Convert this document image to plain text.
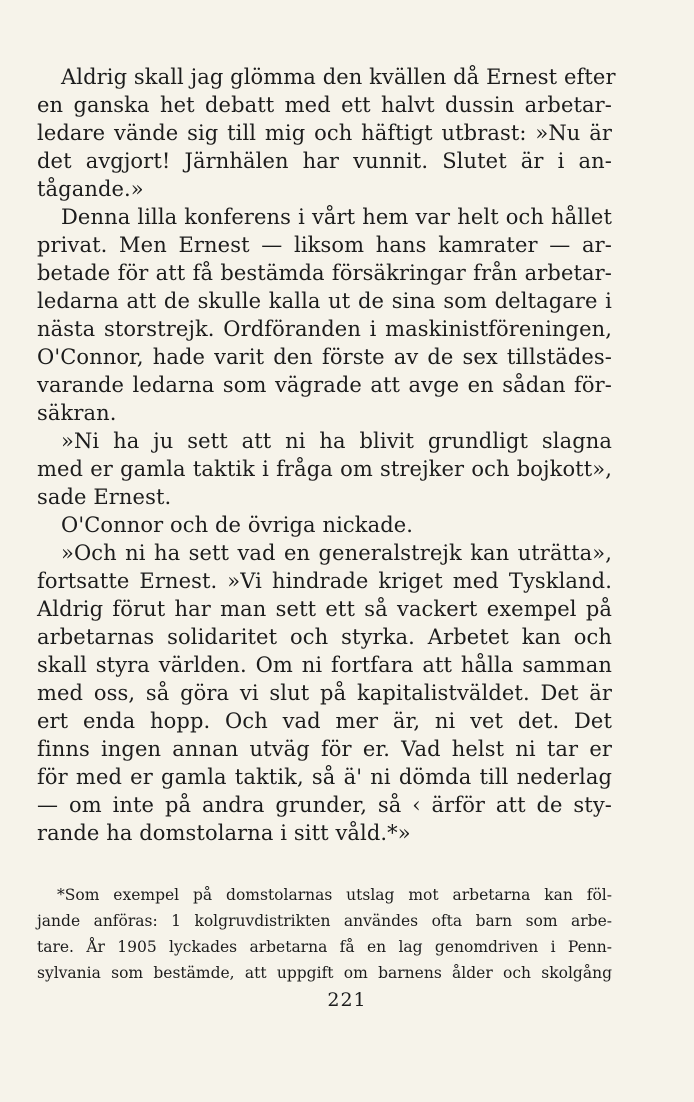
Aldrig skall jag glömma den kvällen då Ernest efter
en ganska het debatt med ett halvt dussin arbetar-
ledare vände sig till mig och häftigt utbrast: »Nu är
det avgjort! Järnhälen har vunnit. Slutet är i an-
tågande.»
Denna lilla konferens i vårt hem var helt och hållet
privat. Men Ernest — liksom hans kamrater — ar-
betade för att få bestämda försäkringar från arbetar-
ledarna att de skulle kalla ut de sina som deltagare i
nästa storstrejk. Ordföranden i maskinistföreningen,
O'Connor, hade varit den förste av de sex tillstädes-
varande ledarna som vägrade att avge en sådan för-
säkran.
»Ni ha ju sett att ni ha blivit grundligt slagna
med er gamla taktik i fråga om strejker och bojkott»,
sade Ernest.
O'Connor och de övriga nickade.
»Och ni ha sett vad en generalstrejk kan uträtta»,
fortsatte Ernest. »Vi hindrade kriget med Tyskland.
Aldrig förut har man sett ett så vackert exempel på
arbetarnas solidaritet och styrka. Arbetet kan och
skall styra världen. Om ni fortfara att hålla samman
med oss, så göra vi slut på kapitalistväldet. Det är
ert enda hopp. Och vad mer är, ni vet det. Det
finns ingen annan utväg för er. Vad helst ni tar er
för med er gamla taktik, så ä' ni dömda till nederlag
— om inte på andra grunder, så ‹ ärför att de sty-
rande ha domstolarna i sitt våld.*»
*Som exempel på domstolarnas utslag mot arbetarna kan föl-
jande anföras: 1 kolgruvdistrikten användes ofta barn som arbe-
tare. År 1905 lyckades arbetarna få en lag genomdriven i Penn-
sylvania som bestämde, att uppgift om barnens ålder och skolgång
221
